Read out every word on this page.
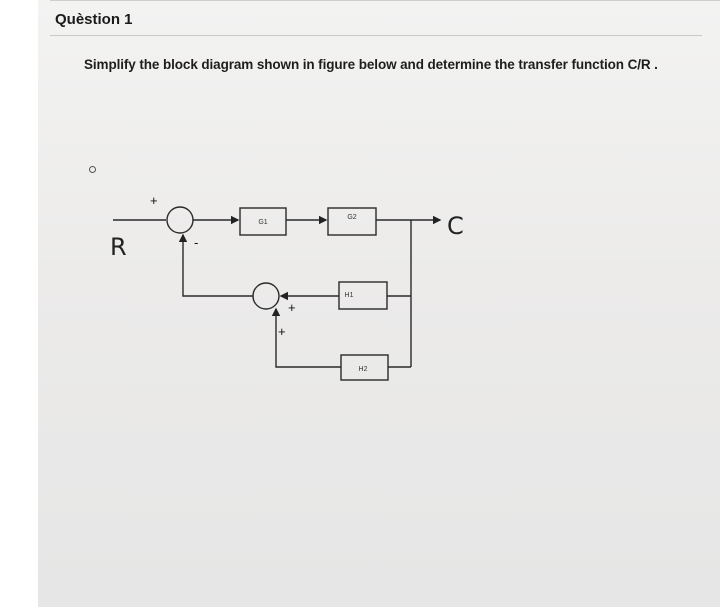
Quèstion 1
Simplify the block diagram shown in figure below and determine the transfer function C/R .
G1
G2
H1
H2
+
-
+
+
R
C
